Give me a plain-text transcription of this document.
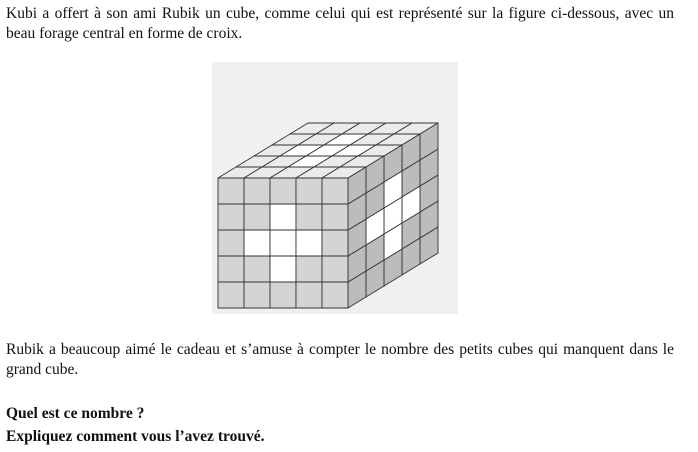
Kubi a offert à son ami Rubik un cube, comme celui qui est représenté sur la figure ci-dessous, avec un beau forage central en forme de croix.

Rubik a beaucoup aimé le cadeau et s’amuse à compter le nombre des petits cubes qui manquent dans le grand cube.

Quel est ce nombre ?
Expliquez comment vous l’avez trouvé.
